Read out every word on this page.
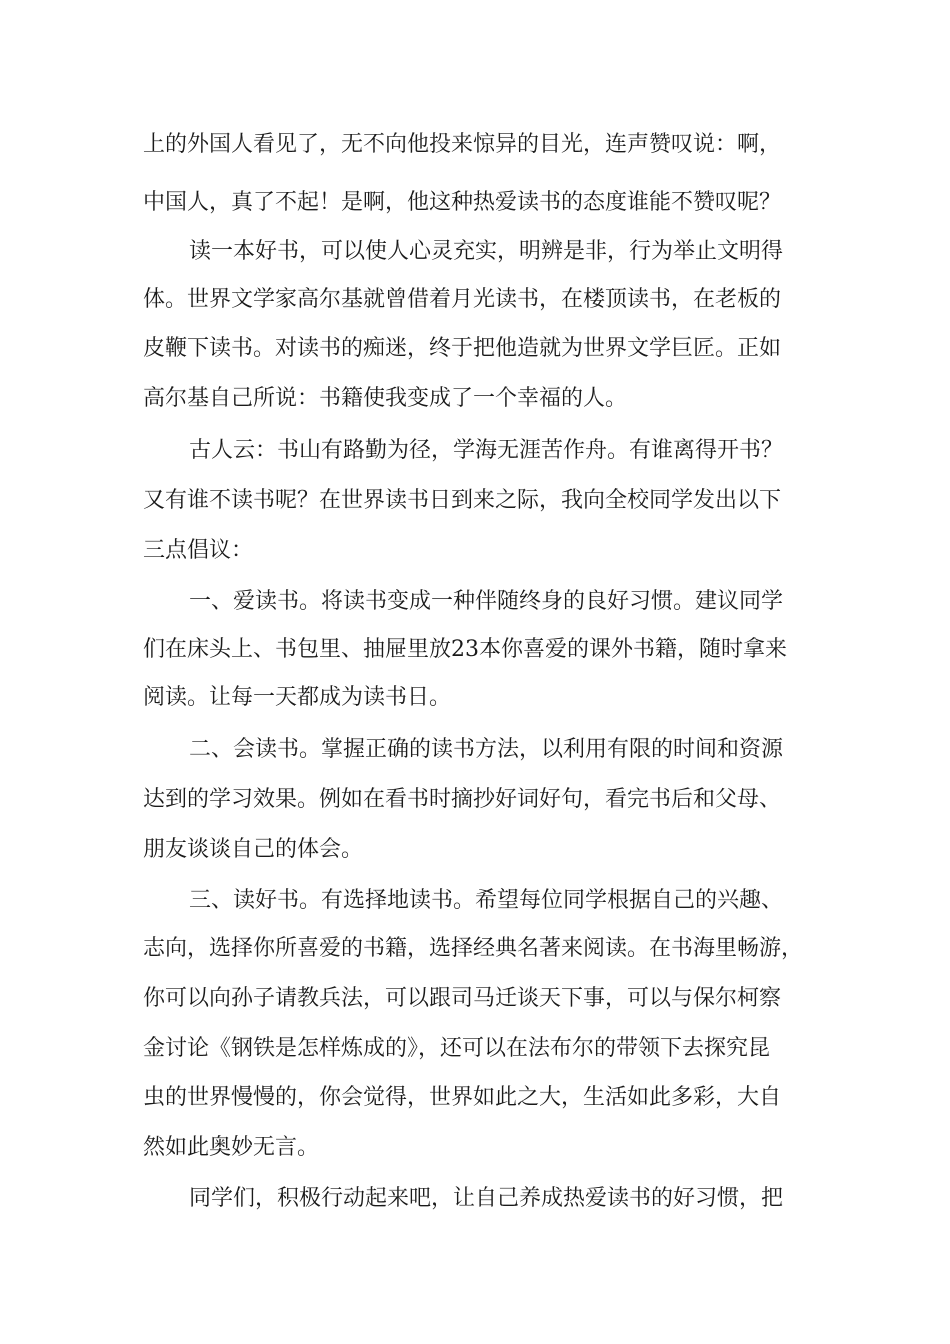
上的外国人看见了，无不向他投来惊异的目光，连声赞叹说：啊，
中国人，真了不起！是啊，他这种热爱读书的态度谁能不赞叹呢？
读一本好书，可以使人心灵充实，明辨是非，行为举止文明得
体。世界文学家高尔基就曾借着月光读书，在楼顶读书，在老板的
皮鞭下读书。对读书的痴迷，终于把他造就为世界文学巨匠。正如
高尔基自己所说：书籍使我变成了一个幸福的人。
古人云：书山有路勤为径，学海无涯苦作舟。有谁离得开书？
又有谁不读书呢？在世界读书日到来之际，我向全校同学发出以下
三点倡议：
一、爱读书。将读书变成一种伴随终身的良好习惯。建议同学
们在床头上、书包里、抽屉里放23本你喜爱的课外书籍，随时拿来
阅读。让每一天都成为读书日。
二、会读书。掌握正确的读书方法，以利用有限的时间和资源
达到的学习效果。例如在看书时摘抄好词好句，看完书后和父母、
朋友谈谈自己的体会。
三、读好书。有选择地读书。希望每位同学根据自己的兴趣、
志向，选择你所喜爱的书籍，选择经典名著来阅读。在书海里畅游，
你可以向孙子请教兵法，可以跟司马迁谈天下事，可以与保尔柯察
金讨论《钢铁是怎样炼成的》，还可以在法布尔的带领下去探究昆
虫的世界慢慢的，你会觉得，世界如此之大，生活如此多彩，大自
然如此奥妙无言。
同学们，积极行动起来吧，让自己养成热爱读书的好习惯，把
